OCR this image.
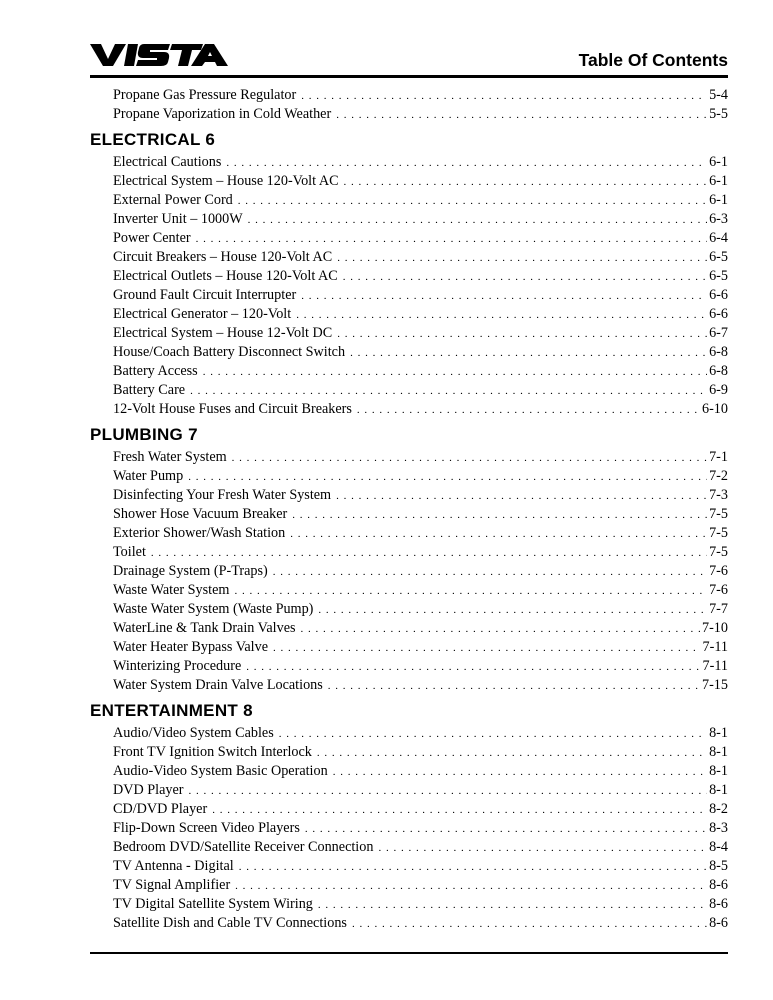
Table Of Contents
Propane Gas Pressure Regulator . . .	5-4
Propane Vaporization in Cold Weather . . .	5-5
ELECTRICAL 6
Electrical Cautions . . .	6-1
Electrical System – House 120-Volt AC . . .	6-1
External Power Cord . . .	6-1
Inverter Unit – 1000W . . .	6-3
Power Center . . .	6-4
Circuit Breakers – House 120-Volt AC . . .	6-5
Electrical Outlets – House 120-Volt AC . . .	6-5
Ground Fault Circuit Interrupter . . .	6-6
Electrical Generator – 120-Volt . . .	6-6
Electrical System – House 12-Volt DC . . .	6-7
House/Coach Battery Disconnect Switch . . .	6-8
Battery Access . . .	6-8
Battery Care . . .	6-9
12-Volt House Fuses and Circuit Breakers . . .	6-10
PLUMBING 7
Fresh Water System . . .	7-1
Water Pump . . .	7-2
Disinfecting Your Fresh Water System . . .	7-3
Shower Hose Vacuum Breaker . . .	7-5
Exterior Shower/Wash Station . . .	7-5
Toilet . . .	7-5
Drainage System (P-Traps) . . .	7-6
Waste Water System . . .	7-6
Waste Water System (Waste Pump) . . .	7-7
WaterLine & Tank Drain Valves . . .	7-10
Water Heater Bypass Valve . . .	7-11
Winterizing Procedure . . .	7-11
Water System Drain Valve Locations . . .	7-15
ENTERTAINMENT 8
Audio/Video System Cables . . .	8-1
Front TV Ignition Switch Interlock . . .	8-1
Audio-Video System Basic Operation . . .	8-1
DVD Player . . .	8-1
CD/DVD Player . . .	8-2
Flip-Down Screen Video Players . . .	8-3
Bedroom DVD/Satellite Receiver Connection . . .	8-4
TV Antenna - Digital . . .	8-5
TV Signal Amplifier . . .	8-6
TV Digital Satellite System Wiring . . .	8-6
Satellite Dish and Cable TV Connections . . .	8-6
